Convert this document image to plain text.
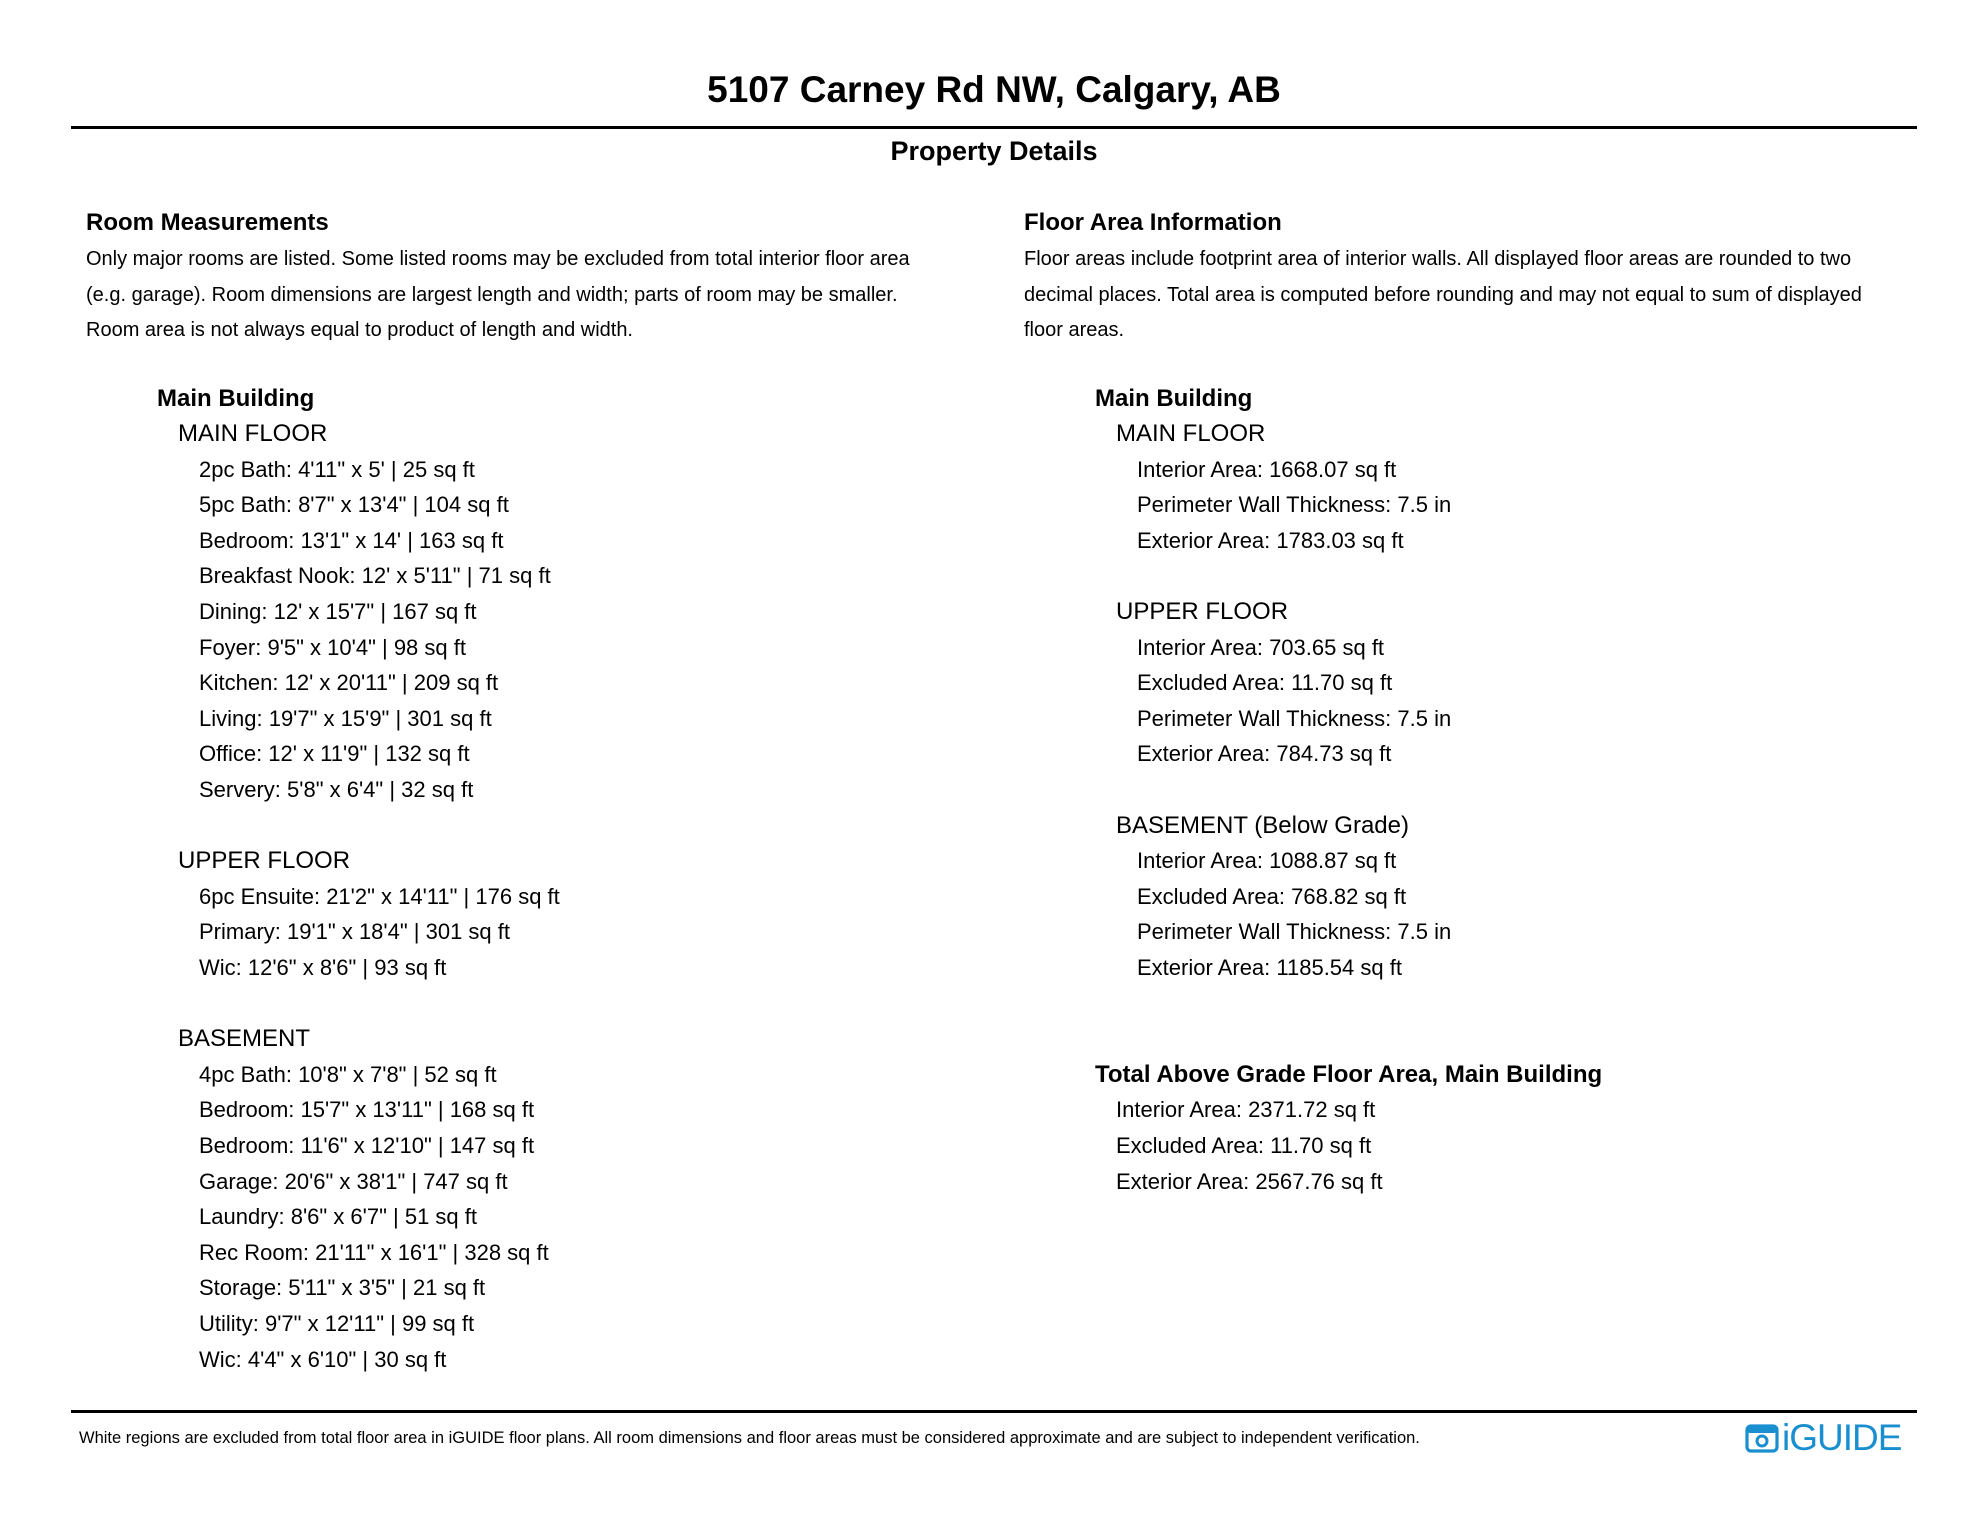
5107 Carney Rd NW, Calgary, AB
Property Details
Room Measurements
Only major rooms are listed. Some listed rooms may be excluded from total interior floor area
(e.g. garage). Room dimensions are largest length and width; parts of room may be smaller.
Room area is not always equal to product of length and width.
Main Building
MAIN FLOOR
2pc Bath: 4'11" x 5' | 25 sq ft
5pc Bath: 8'7" x 13'4" | 104 sq ft
Bedroom: 13'1" x 14' | 163 sq ft
Breakfast Nook: 12' x 5'11" | 71 sq ft
Dining: 12' x 15'7" | 167 sq ft
Foyer: 9'5" x 10'4" | 98 sq ft
Kitchen: 12' x 20'11" | 209 sq ft
Living: 19'7" x 15'9" | 301 sq ft
Office: 12' x 11'9" | 132 sq ft
Servery: 5'8" x 6'4" | 32 sq ft
UPPER FLOOR
6pc Ensuite: 21'2" x 14'11" | 176 sq ft
Primary: 19'1" x 18'4" | 301 sq ft
Wic: 12'6" x 8'6" | 93 sq ft
BASEMENT
4pc Bath: 10'8" x 7'8" | 52 sq ft
Bedroom: 15'7" x 13'11" | 168 sq ft
Bedroom: 11'6" x 12'10" | 147 sq ft
Garage: 20'6" x 38'1" | 747 sq ft
Laundry: 8'6" x 6'7" | 51 sq ft
Rec Room: 21'11" x 16'1" | 328 sq ft
Storage: 5'11" x 3'5" | 21 sq ft
Utility: 9'7" x 12'11" | 99 sq ft
Wic: 4'4" x 6'10" | 30 sq ft
Floor Area Information
Floor areas include footprint area of interior walls. All displayed floor areas are rounded to two
decimal places. Total area is computed before rounding and may not equal to sum of displayed
floor areas.
Main Building
MAIN FLOOR
Interior Area: 1668.07 sq ft
Perimeter Wall Thickness: 7.5 in
Exterior Area: 1783.03 sq ft
UPPER FLOOR
Interior Area: 703.65 sq ft
Excluded Area: 11.70 sq ft
Perimeter Wall Thickness: 7.5 in
Exterior Area: 784.73 sq ft
BASEMENT (Below Grade)
Interior Area: 1088.87 sq ft
Excluded Area: 768.82 sq ft
Perimeter Wall Thickness: 7.5 in
Exterior Area: 1185.54 sq ft
Total Above Grade Floor Area, Main Building
Interior Area: 2371.72 sq ft
Excluded Area: 11.70 sq ft
Exterior Area: 2567.76 sq ft
White regions are excluded from total floor area in iGUIDE floor plans. All room dimensions and floor areas must be considered approximate and are subject to independent verification.	iGUIDE
